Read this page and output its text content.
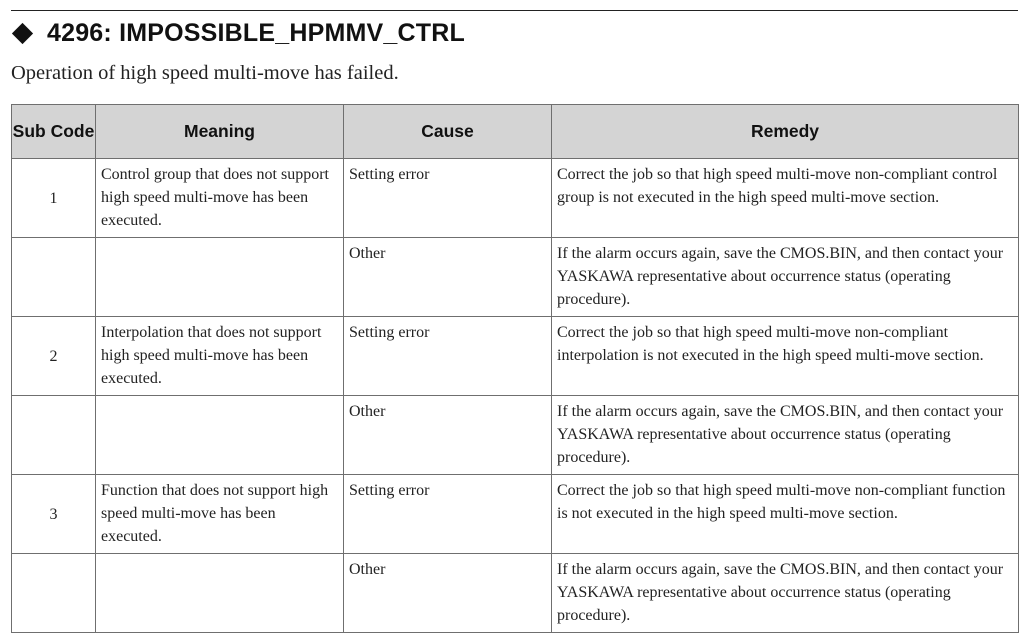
4296: IMPOSSIBLE_HPMMV_CTRL
Operation of high speed multi-move has failed.
Sub Code	Meaning	Cause	Remedy
1	Control group that does not support high speed multi-move has been executed.	Setting error	Correct the job so that high speed multi-move non-compliant control group is not executed in the high speed multi-move section.
		Other	If the alarm occurs again, save the CMOS.BIN, and then contact your YASKAWA representative about occurrence status (operating procedure).
2	Interpolation that does not support high speed multi-move has been executed.	Setting error	Correct the job so that high speed multi-move non-compliant interpolation is not executed in the high speed multi-move section.
		Other	If the alarm occurs again, save the CMOS.BIN, and then contact your YASKAWA representative about occurrence status (operating procedure).
3	Function that does not support high speed multi-move has been executed.	Setting error	Correct the job so that high speed multi-move non-compliant function is not executed in the high speed multi-move section.
		Other	If the alarm occurs again, save the CMOS.BIN, and then contact your YASKAWA representative about occurrence status (operating procedure).
